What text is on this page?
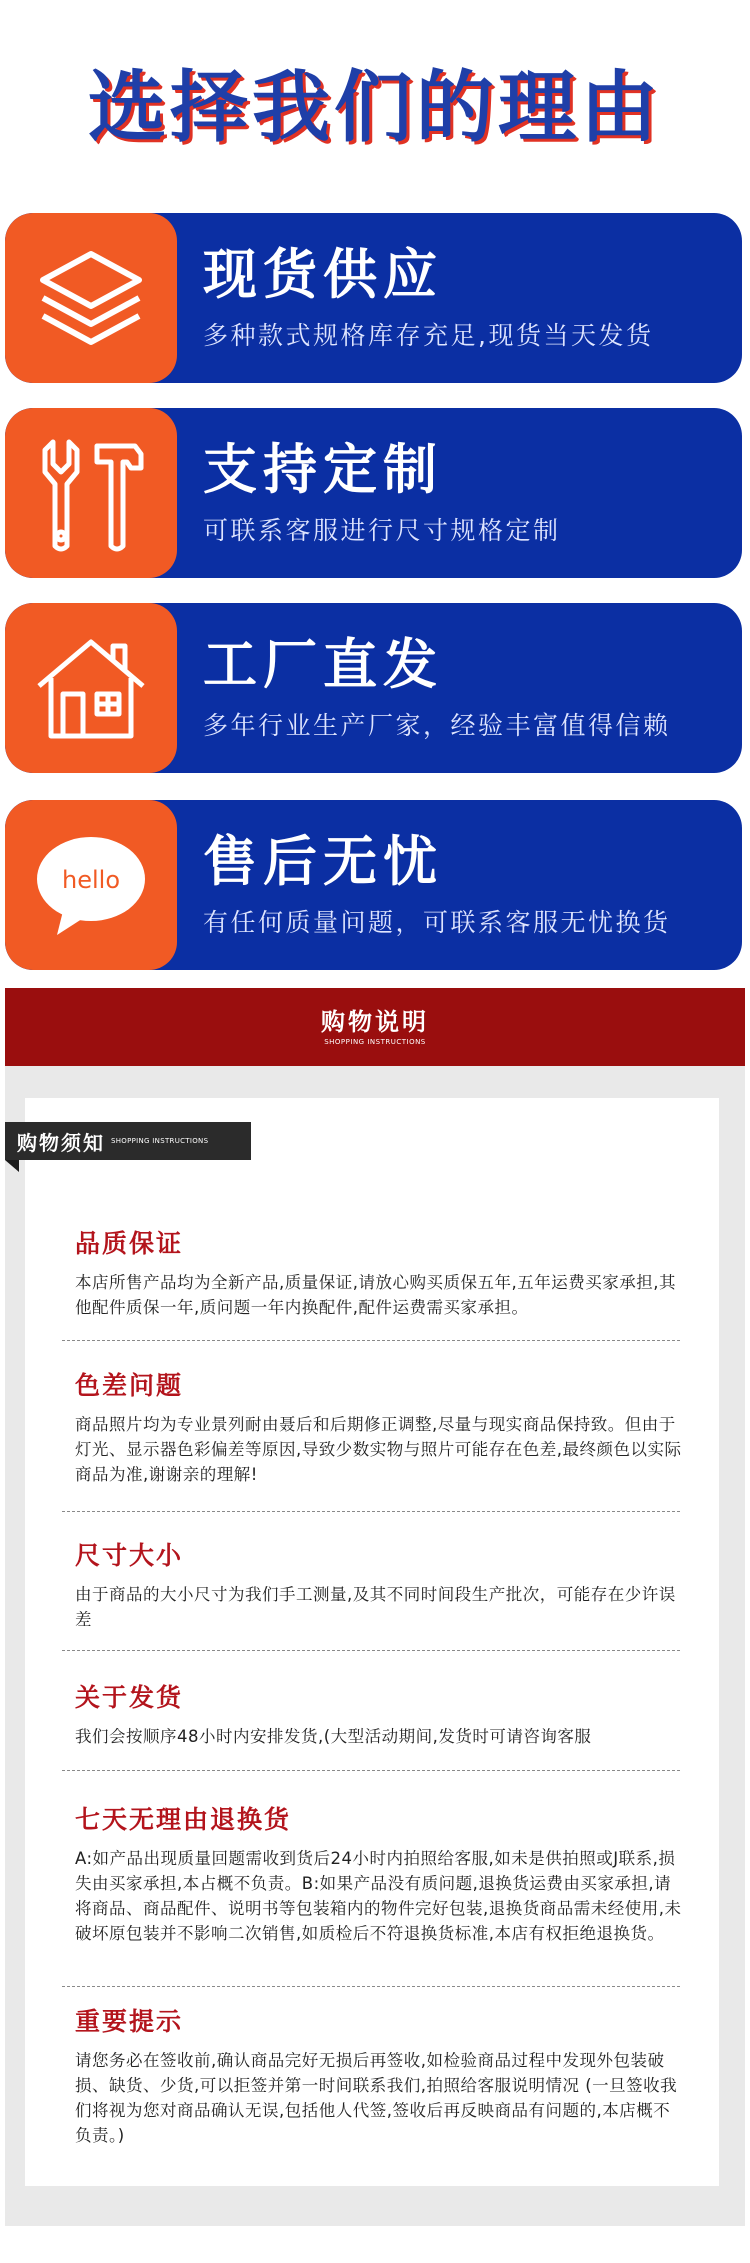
选择我们的理由
现货供应
多种款式规格库存充足,现货当天发货
支持定制
可联系客服进行尺寸规格定制
工厂直发
多年行业生产厂家，经验丰富值得信赖
hello 售后无忧
有任何质量问题，可联系客服无忧换货
购物说明
SHOPPING INSTRUCTIONS
购物须知 SHOPPING INSTRUCTIONS
品质保证
本店所售产品均为全新产品,质量保证,请放心购买质保五年,五年运费买家承担,其他配件质保一年,质问题一年内换配件,配件运费需买家承担。
色差问题
商品照片均为专业景列耐由聂后和后期修正调整,尽量与现实商品保持致。但由于灯光、显示器色彩偏差等原因,导致少数实物与照片可能存在色差,最终颜色以实际商品为准,谢谢亲的理解!
尺寸大小
由于商品的大小尺寸为我们手工测量,及其不同时间段生产批次，可能存在少许误差
关于发货
我们会按顺序48小时内安排发货,(大型活动期间,发货时可请咨询客服
七天无理由退换货
A:如产品出现质量回题需收到货后24小时内拍照给客服,如未是供拍照或J联系,损失由买家承担,本占概不负责。B:如果产品没有质问题,退换货运费由买家承担,请将商品、商品配件、说明书等包装箱内的物件完好包装,退换货商品需未经使用,未破坏原包装并不影响二次销售,如质检后不符退换货标准,本店有权拒绝退换货。
重要提示
请您务必在签收前,确认商品完好无损后再签收,如检验商品过程中发现外包装破损、缺货、少货,可以拒签并第一时间联系我们,拍照给客服说明情况 (一旦签收我们将视为您对商品确认无误,包括他人代签,签收后再反映商品有问题的,本店概不负责。)
